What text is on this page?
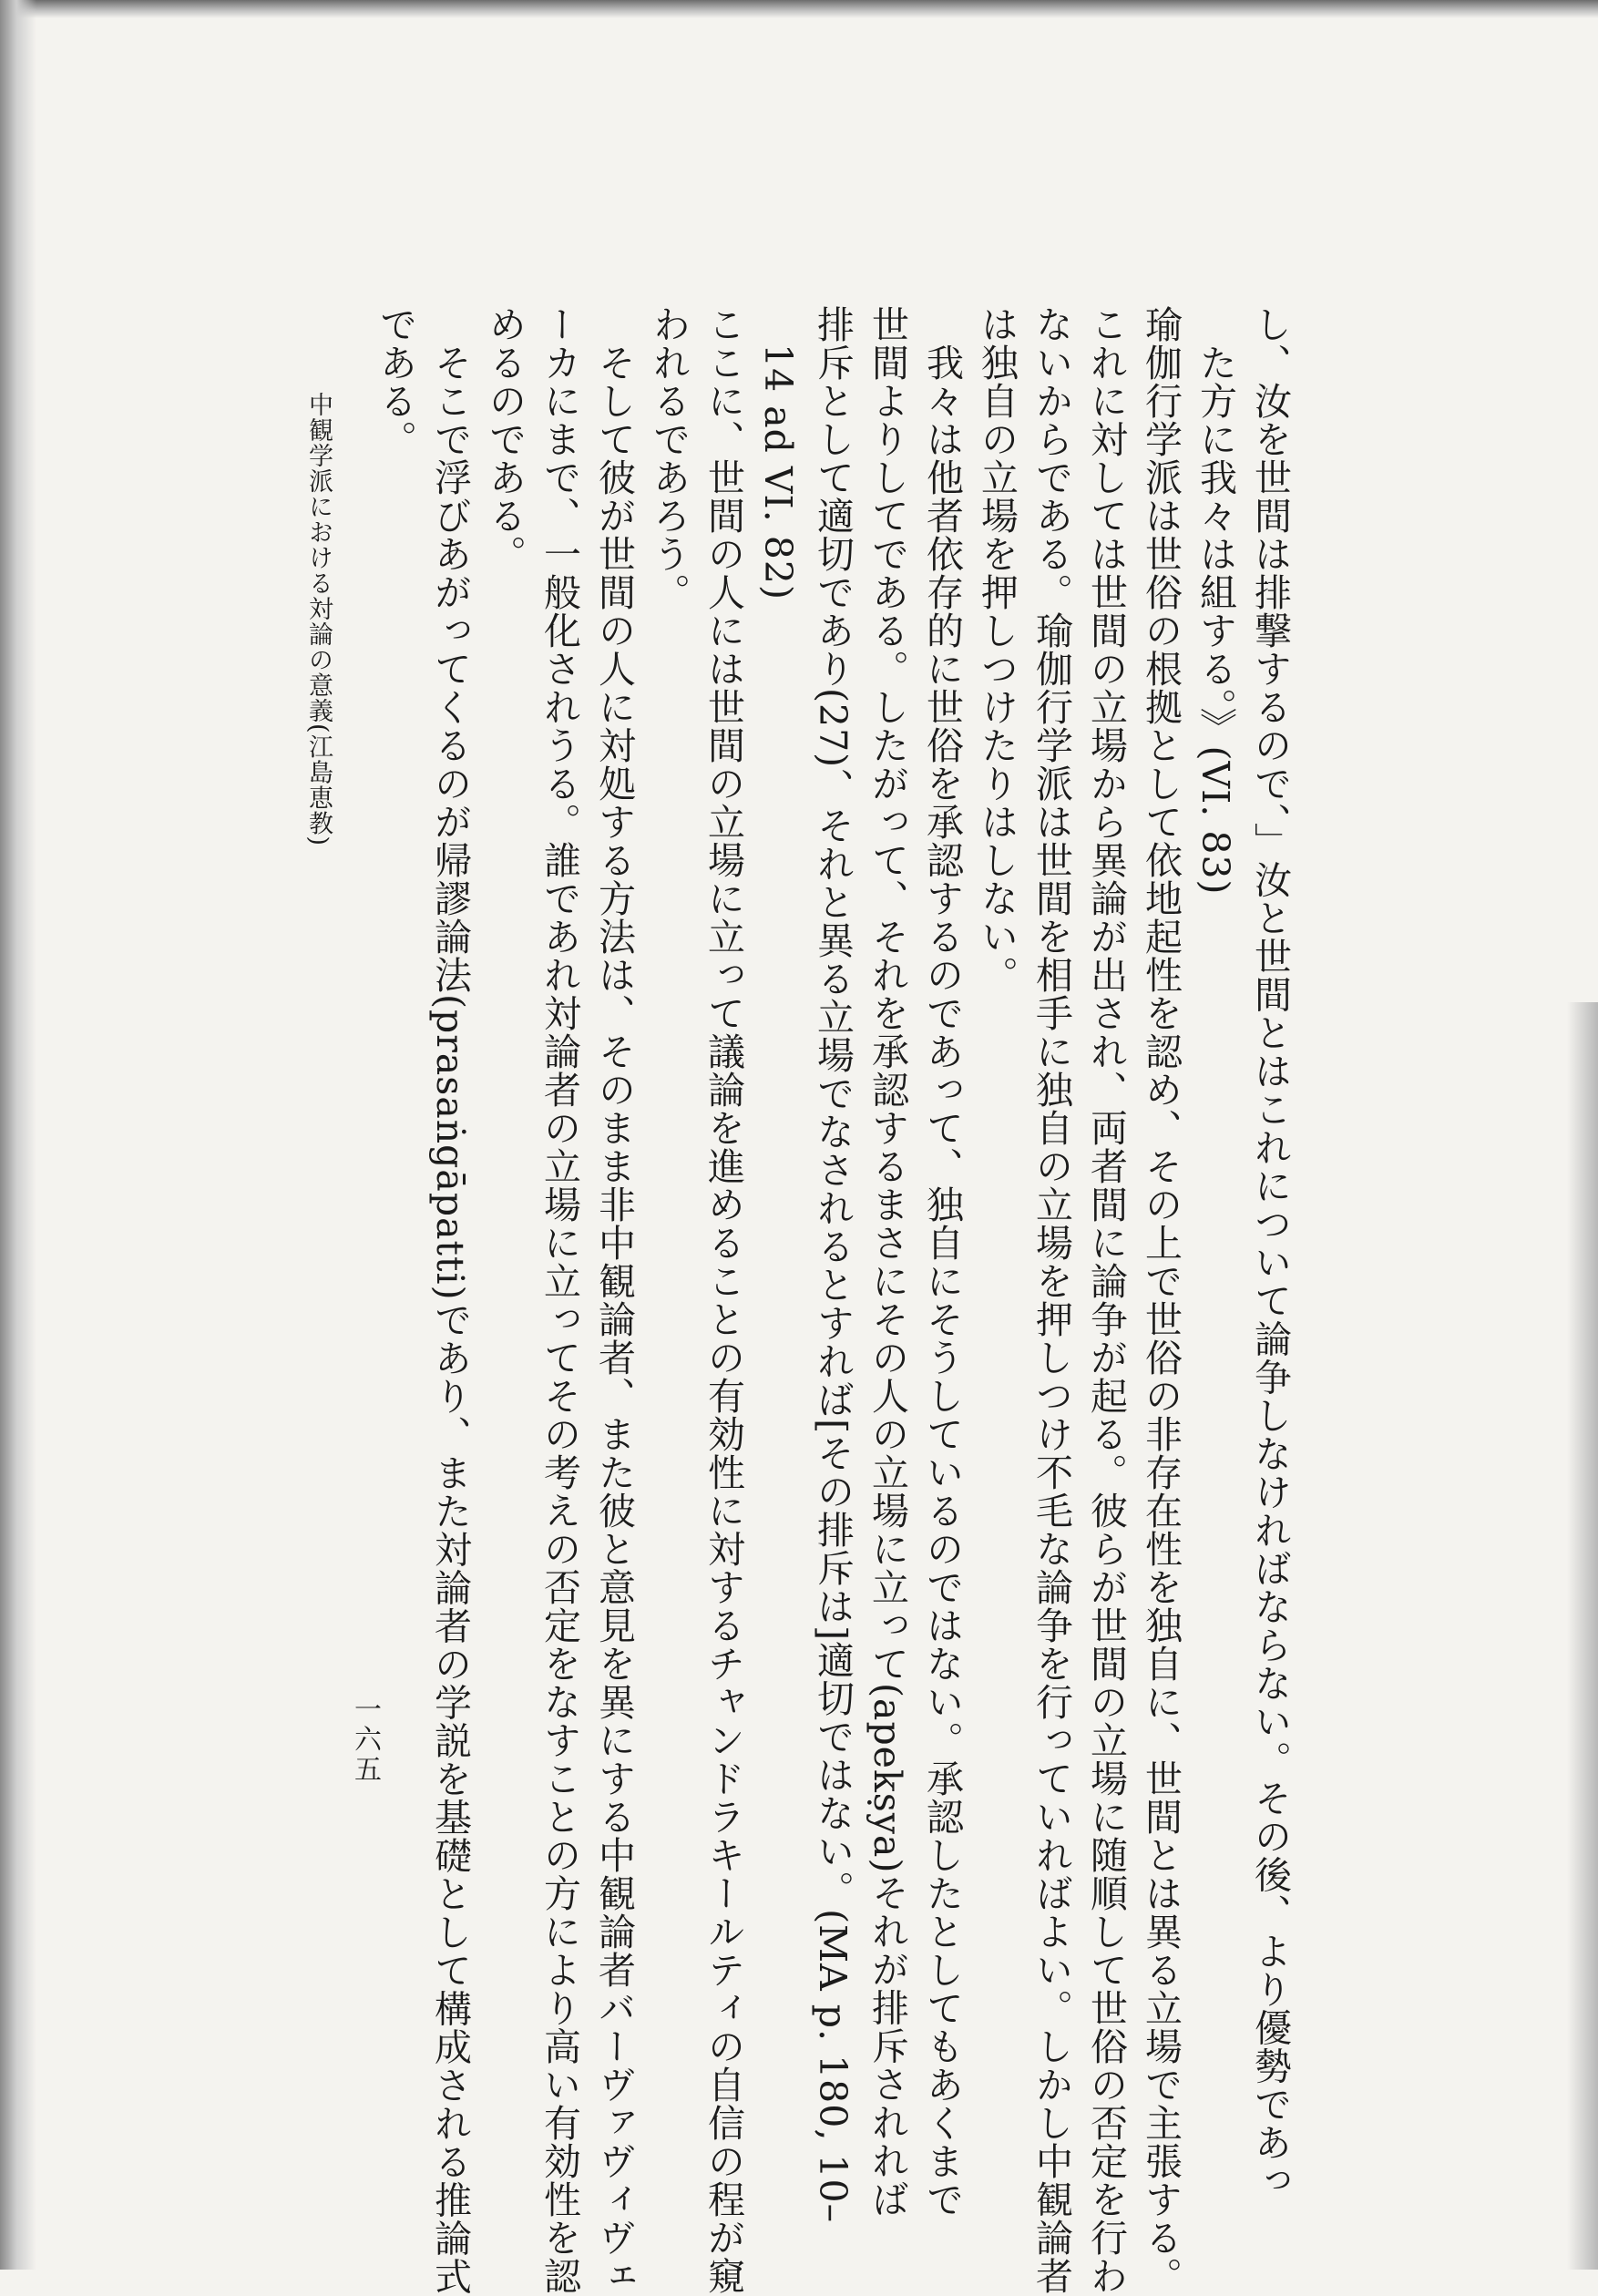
し、汝を世間は排撃するので、」汝と世間とはこれについて論争しなければならない。その後、より優勢であっ
た方に我々は組する。》(VI. 83)
瑜伽行学派は世俗の根拠として依地起性を認め、その上で世俗の非存在性を独自に、世間とは異る立場で主張する。
これに対しては世間の立場から異論が出され、両者間に論争が起る。彼らが世間の立場に随順して世俗の否定を行わ
ないからである。瑜伽行学派は世間を相手に独自の立場を押しつけ不毛な論争を行っていればよい。しかし中観論者
は独自の立場を押しつけたりはしない。
我々は他者依存的に世俗を承認するのであって、独自にそうしているのではない。承認したとしてもあくまで
世間よりしてである。したがって、それを承認するまさにその人の立場に立って(apekṣya)それが排斥されれば
排斥として適切であり(27)、それと異る立場でなされるとすれば[その排斥は]適切ではない。(MA p. 180, 10–
14 ad VI. 82)
ここに、世間の人には世間の立場に立って議論を進めることの有効性に対するチャンドラキールティの自信の程が窺
われるであろう。
そして彼が世間の人に対処する方法は、そのまま非中観論者、また彼と意見を異にする中観論者バーヴァヴィヴェ
ーカにまで、一般化されうる。誰であれ対論者の立場に立ってその考えの否定をなすことの方により高い有効性を認
めるのである。
そこで浮びあがってくるのが帰謬論法(prasaṅgāpatti)であり、また対論者の学説を基礎として構成される推論式
である。
中観学派における対論の意義(江島恵教)
一六五
